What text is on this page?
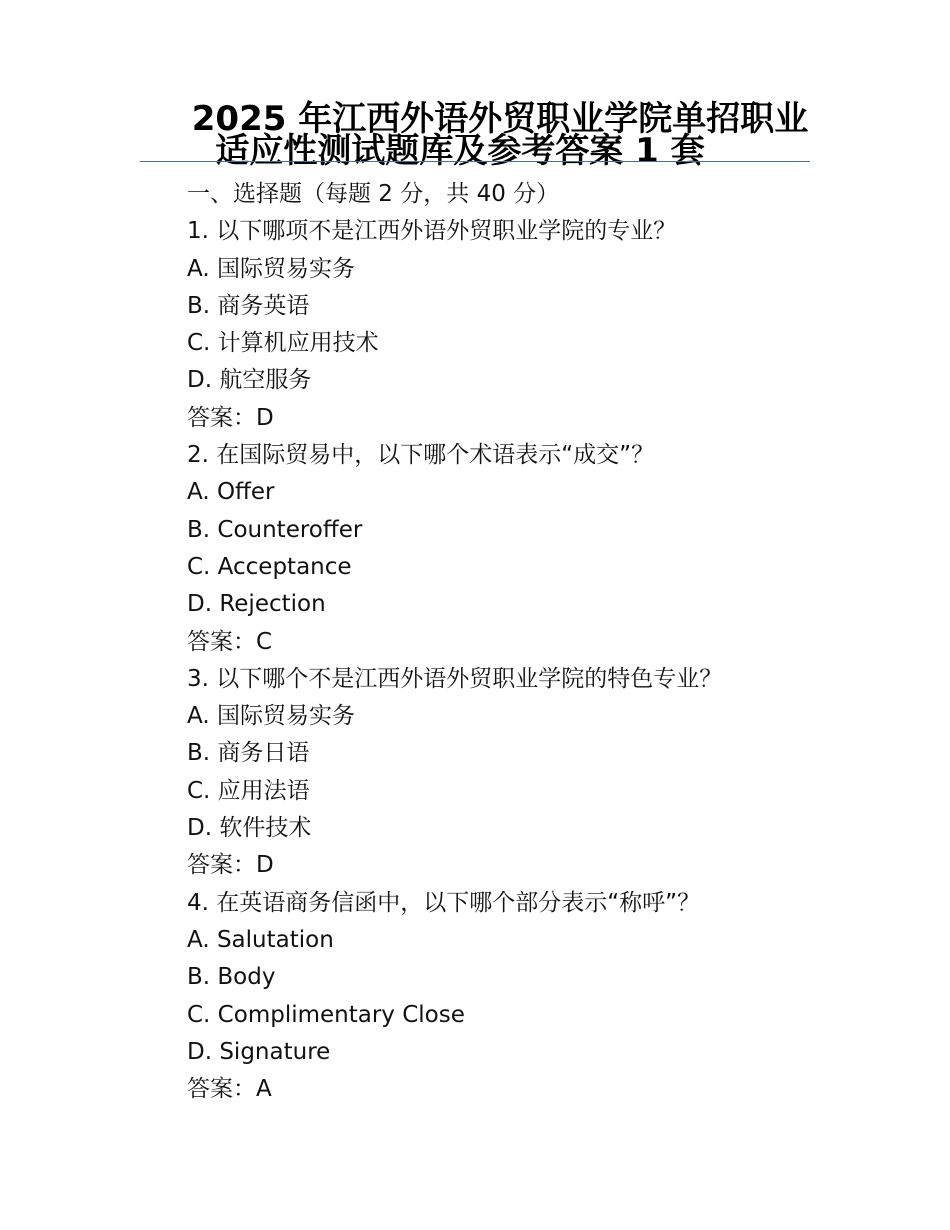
2025 年江西外语外贸职业学院单招职业
适应性测试题库及参考答案 1 套
一、选择题（每题 2 分，共 40 分）
1. 以下哪项不是江西外语外贸职业学院的专业？
A. 国际贸易实务
B. 商务英语
C. 计算机应用技术
D. 航空服务
答案：D
2. 在国际贸易中，以下哪个术语表示“成交”？
A. Offer
B. Counteroffer
C. Acceptance
D. Rejection
答案：C
3. 以下哪个不是江西外语外贸职业学院的特色专业？
A. 国际贸易实务
B. 商务日语
C. 应用法语
D. 软件技术
答案：D
4. 在英语商务信函中，以下哪个部分表示“称呼”？
A. Salutation
B. Body
C. Complimentary Close
D. Signature
答案：A
